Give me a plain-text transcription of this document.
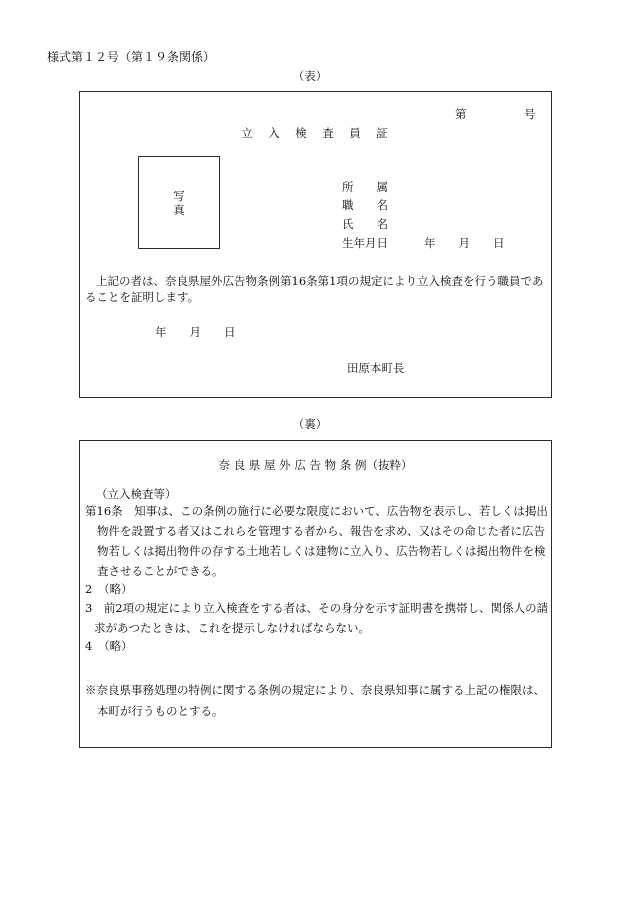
様式第１２号（第１９条関係）
（表）
第　　　　　号
立　入　検　査　員　証
写真
所　　属
職　　名
氏　　名
生年月日	年　　月　　日
上記の者は、奈良県屋外広告物条例第16条第1項の規定により立入検査を行う職員であ
ることを証明します。
年　　月　　日
田原本町長
（裏）
奈 良 県 屋 外 広 告 物 条 例（抜粋）
（立入検査等）
第16条　知事は、この条例の施行に必要な限度において、広告物を表示し、若しくは掲出
物件を設置する者又はこれらを管理する者から、報告を求め、又はその命じた者に広告
物若しくは掲出物件の存する土地若しくは建物に立入り、広告物若しくは掲出物件を検
査させることができる。
2　（略）
3　前2項の規定により立入検査をする者は、その身分を示す証明書を携帯し、関係人の請
求があつたときは、これを提示しなければならない。
4　（略）
※奈良県事務処理の特例に関する条例の規定により、奈良県知事に属する上記の権限は、
本町が行うものとする。
